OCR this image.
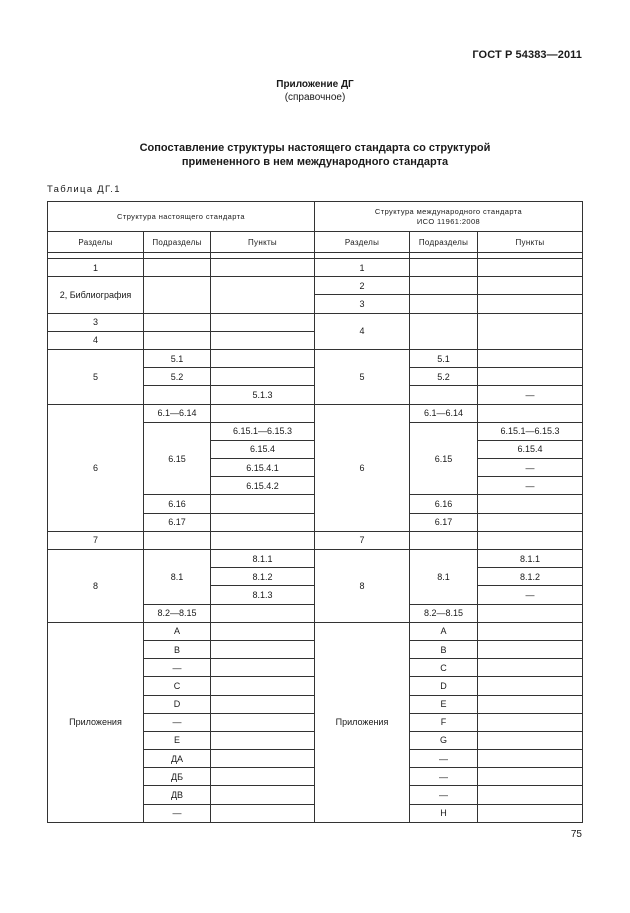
ГОСТ Р 54383—2011
Приложение ДГ
(справочное)
Сопоставление структуры настоящего стандарта со структурой
примененного в нем международного стандарта
Таблица ДГ.1
Структура настоящего стандарта			Структура международного стандарта
ИСО 11961:2008		

Разделы	Подразделы	Пункты	Разделы	Подразделы	Пункты

1			1		
2, Библиография			2		
			3		
3			4		
4					
5	5.1		5	5.1	
	5.2			5.2	
		5.1.3			—
6	6.1—6.14		6	6.1—6.14	
	6.15	6.15.1—6.15.3		6.15	6.15.1—6.15.3
		6.15.4			6.15.4
		6.15.4.1			—
		6.15.4.2			—
	6.16			6.16	
	6.17			6.17	
7			7		
8	8.1	8.1.1	8	8.1	8.1.1
		8.1.2			8.1.2
		8.1.3			—
	8.2—8.15			8.2—8.15	
Приложения	А		Приложения	А	
	В			В	
	—			С	
	С			D	
	D			Е	
	—			F	
	Е			G	
	ДА			—	
	ДБ			—	
	ДВ			—	
	—			Н	
75
